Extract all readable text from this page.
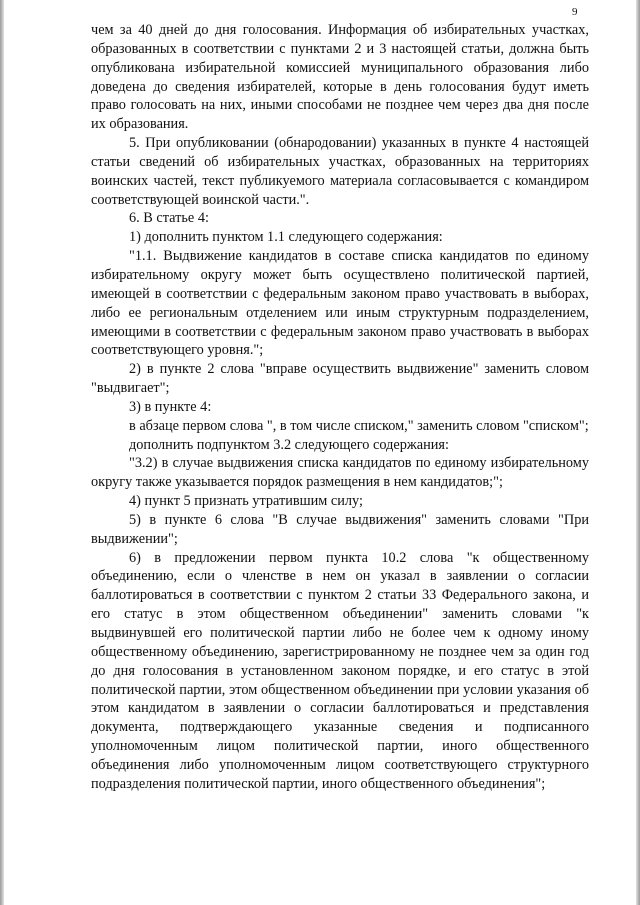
9

чем за 40 дней до дня голосования. Информация об избирательных участках, образованных в соответствии с пунктами 2 и 3 настоящей статьи, должна быть опубликована избирательной комиссией муниципального образования либо доведена до сведения избирателей, которые в день голосования будут иметь право голосовать на них, иными способами не позднее чем через два дня после их образования.

5. При опубликовании (обнародовании) указанных в пункте 4 настоящей статьи сведений об избирательных участках, образованных на территориях воинских частей, текст публикуемого материала согласовывается с командиром соответствующей воинской части.".

6. В статье 4:

1) дополнить пунктом 1.1 следующего содержания:

"1.1. Выдвижение кандидатов в составе списка кандидатов по единому избирательному округу может быть осуществлено политической партией, имеющей в соответствии с федеральным законом право участвовать в выборах, либо ее региональным отделением или иным структурным подразделением, имеющими в соответствии с федеральным законом право участвовать в выборах соответствующего уровня.";

2) в пункте 2 слова "вправе осуществить выдвижение" заменить словом "выдвигает";

3) в пункте 4:

в абзаце первом слова ", в том числе списком," заменить словом "списком";

дополнить подпунктом 3.2 следующего содержания:

"3.2) в случае выдвижения списка кандидатов по единому избирательному округу также указывается порядок размещения в нем кандидатов;";

4) пункт 5 признать утратившим силу;

5) в пункте 6 слова "В случае выдвижения" заменить словами "При выдвижении";

6) в предложении первом пункта 10.2 слова "к общественному объединению, если о членстве в нем он указал в заявлении о согласии баллотироваться в соответствии с пунктом 2 статьи 33 Федерального закона, и его статус в этом общественном объединении" заменить словами "к выдвинувшей его политической партии либо не более чем к одному иному общественному объединению, зарегистрированному не позднее чем за один год до дня голосования в установленном законом порядке, и его статус в этой политической партии, этом общественном объединении при условии указания об этом кандидатом в заявлении о согласии баллотироваться и представления документа, подтверждающего указанные сведения и подписанного уполномоченным лицом политической партии, иного общественного объединения либо уполномоченным лицом соответствующего структурного подразделения политической партии, иного общественного объединения";
